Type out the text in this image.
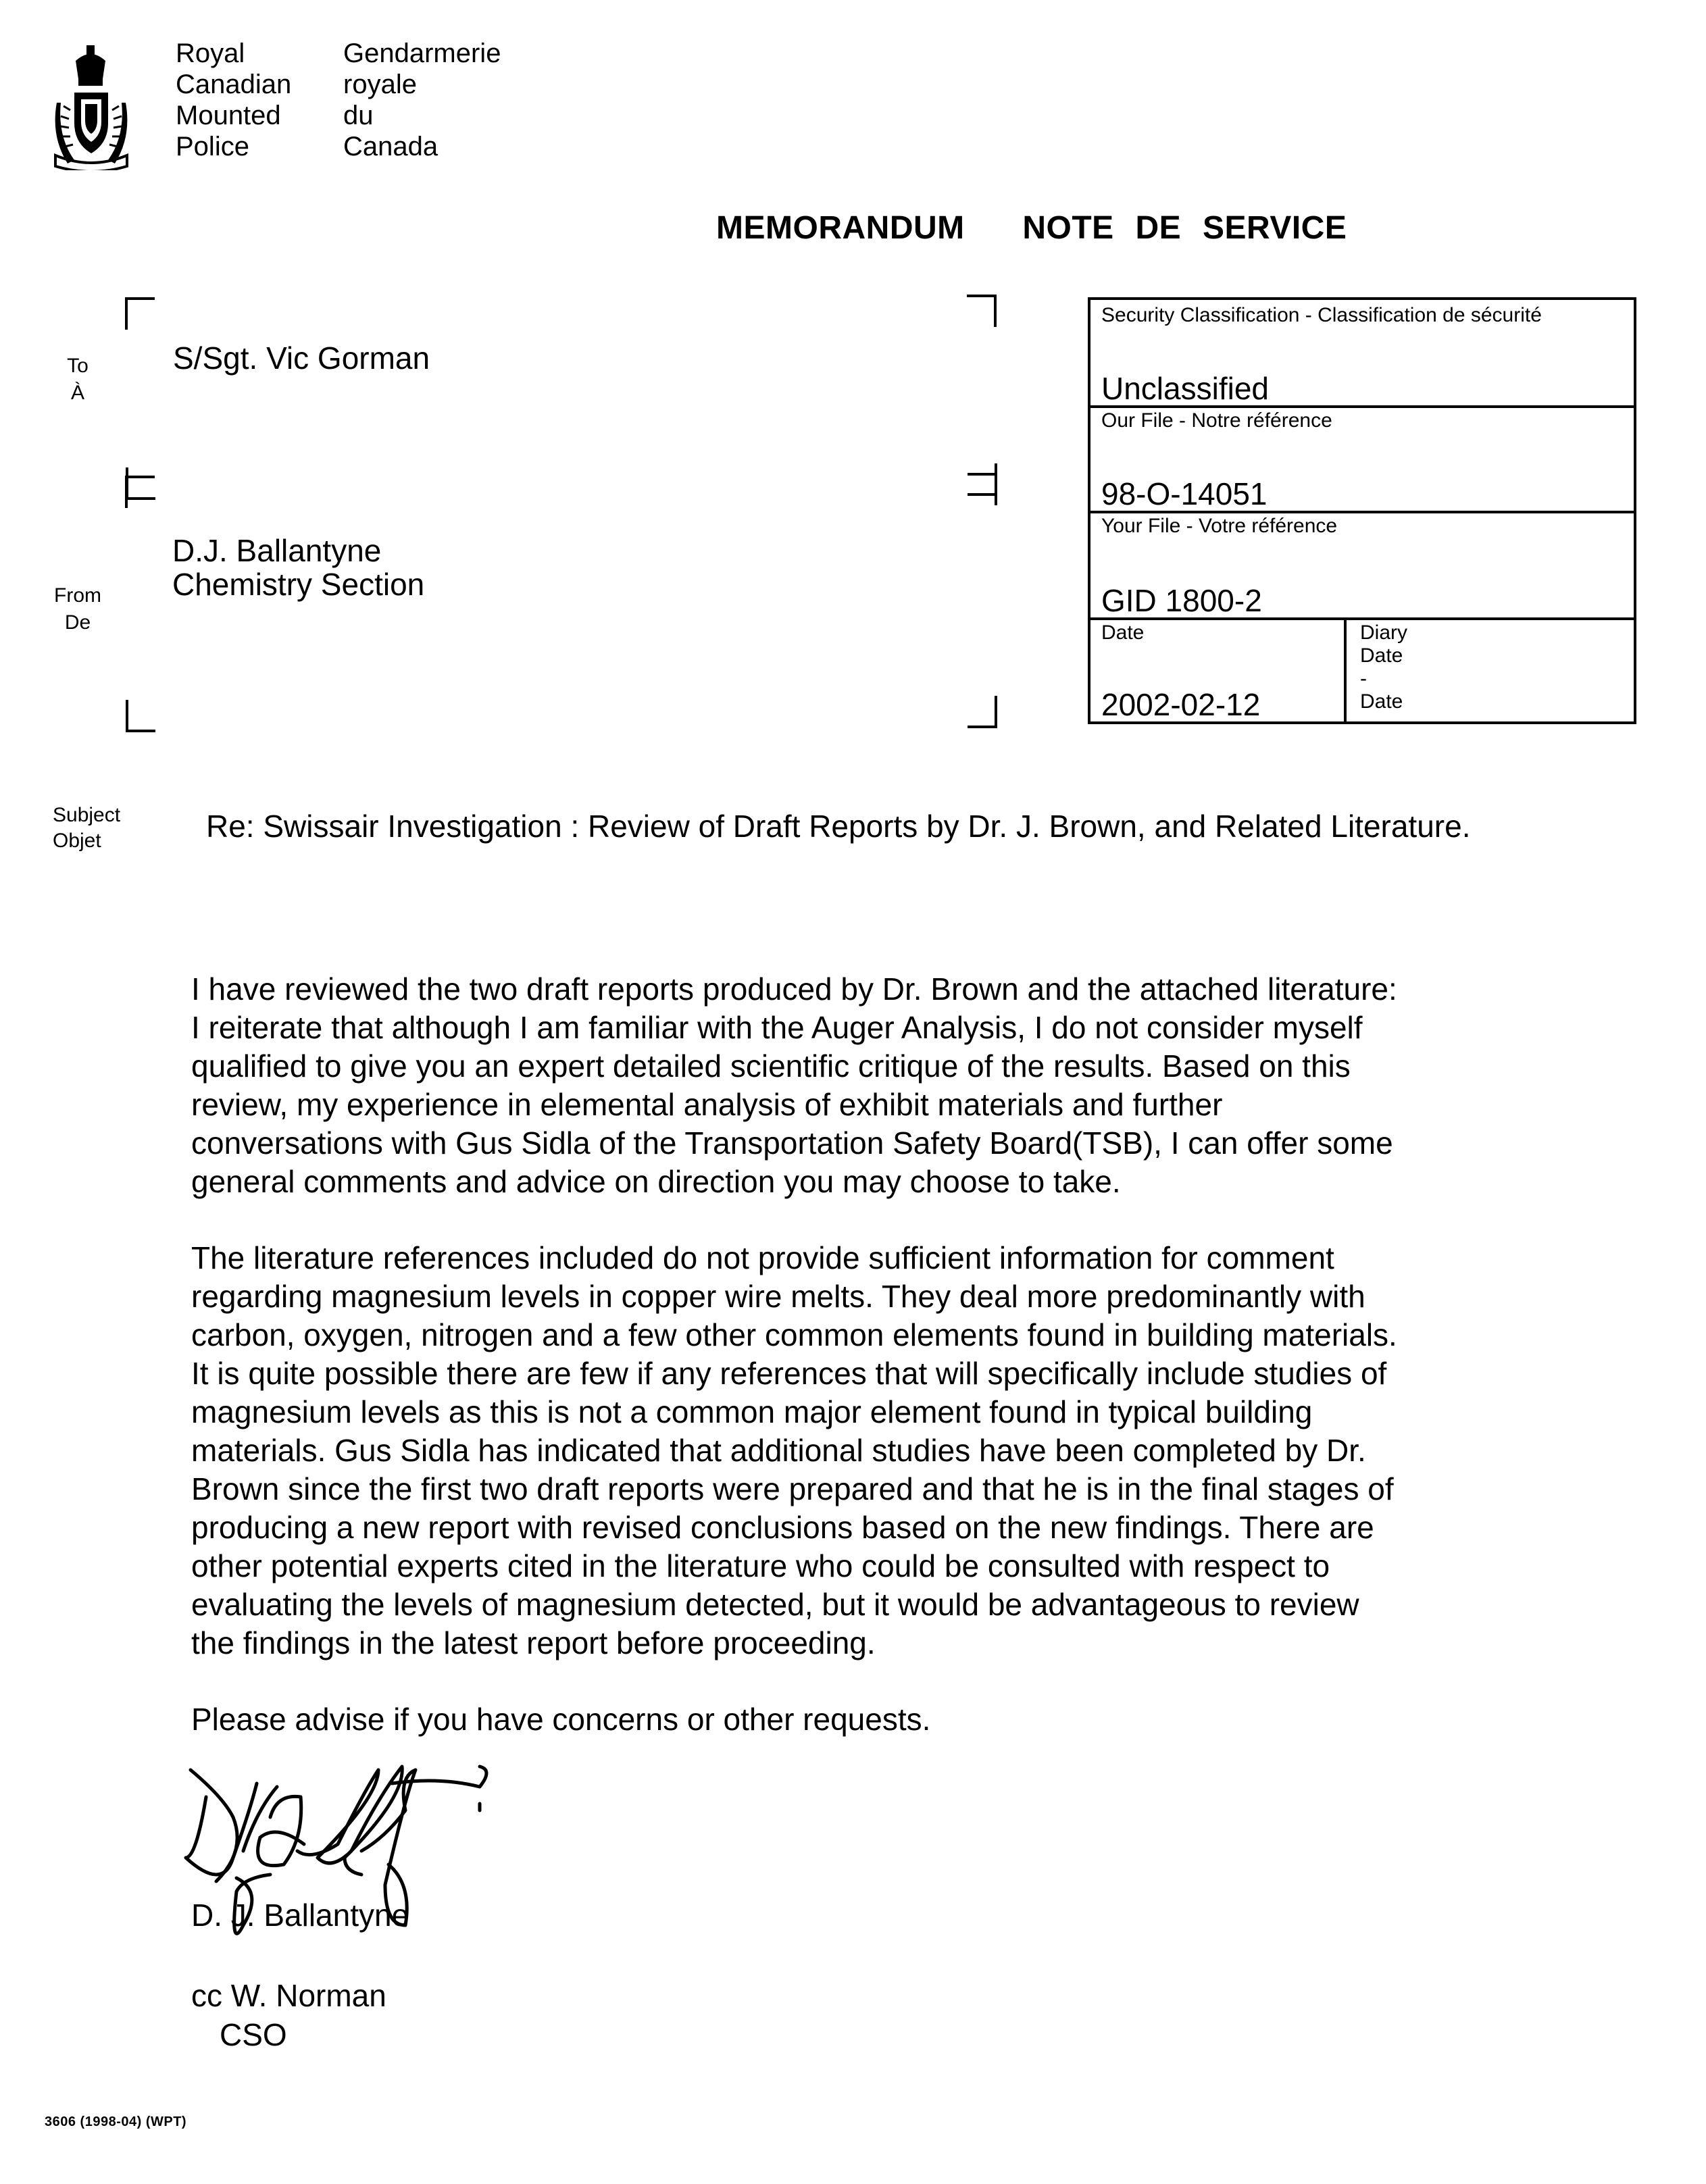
Royal
Canadian
Mounted
Police
Gendarmerie
royale
du
Canada
MEMORANDUM NOTE DE SERVICE
To
À
S/Sgt. Vic Gorman
From
De
D.J. Ballantyne
Chemistry Section
Security Classification - Classification de sécurité
Unclassified
Our File - Notre référence
98-O-14051
Your File - Votre référence
GID 1800-2
Date
2002-02-12
Diary Date - Date
Subject
Objet	Re: Swissair Investigation : Review of Draft Reports by Dr. J. Brown, and Related Literature.
I have reviewed the two draft reports produced by Dr. Brown and the attached literature:
I reiterate that although I am familiar with the Auger Analysis, I do not consider myself
qualified to give you an expert detailed scientific critique of the results. Based on this
review, my experience in elemental analysis of exhibit materials and further
conversations with Gus Sidla of the Transportation Safety Board(TSB), I can offer some
general comments and advice on direction you may choose to take.
The literature references included do not provide sufficient information for comment
regarding magnesium levels in copper wire melts. They deal more predominantly with
carbon, oxygen, nitrogen and a few other common elements found in building materials.
It is quite possible there are few if any references that will specifically include studies of
magnesium levels as this is not a common major element found in typical building
materials. Gus Sidla has indicated that additional studies have been completed by Dr.
Brown since the first two draft reports were prepared and that he is in the final stages of
producing a new report with revised conclusions based on the new findings. There are
other potential experts cited in the literature who could be consulted with respect to
evaluating the levels of magnesium detected, but it would be advantageous to review
the findings in the latest report before proceeding.
Please advise if you have concerns or other requests.
D. J. Ballantyne
cc W. Norman
CSO
3606 (1998-04) (WPT)
